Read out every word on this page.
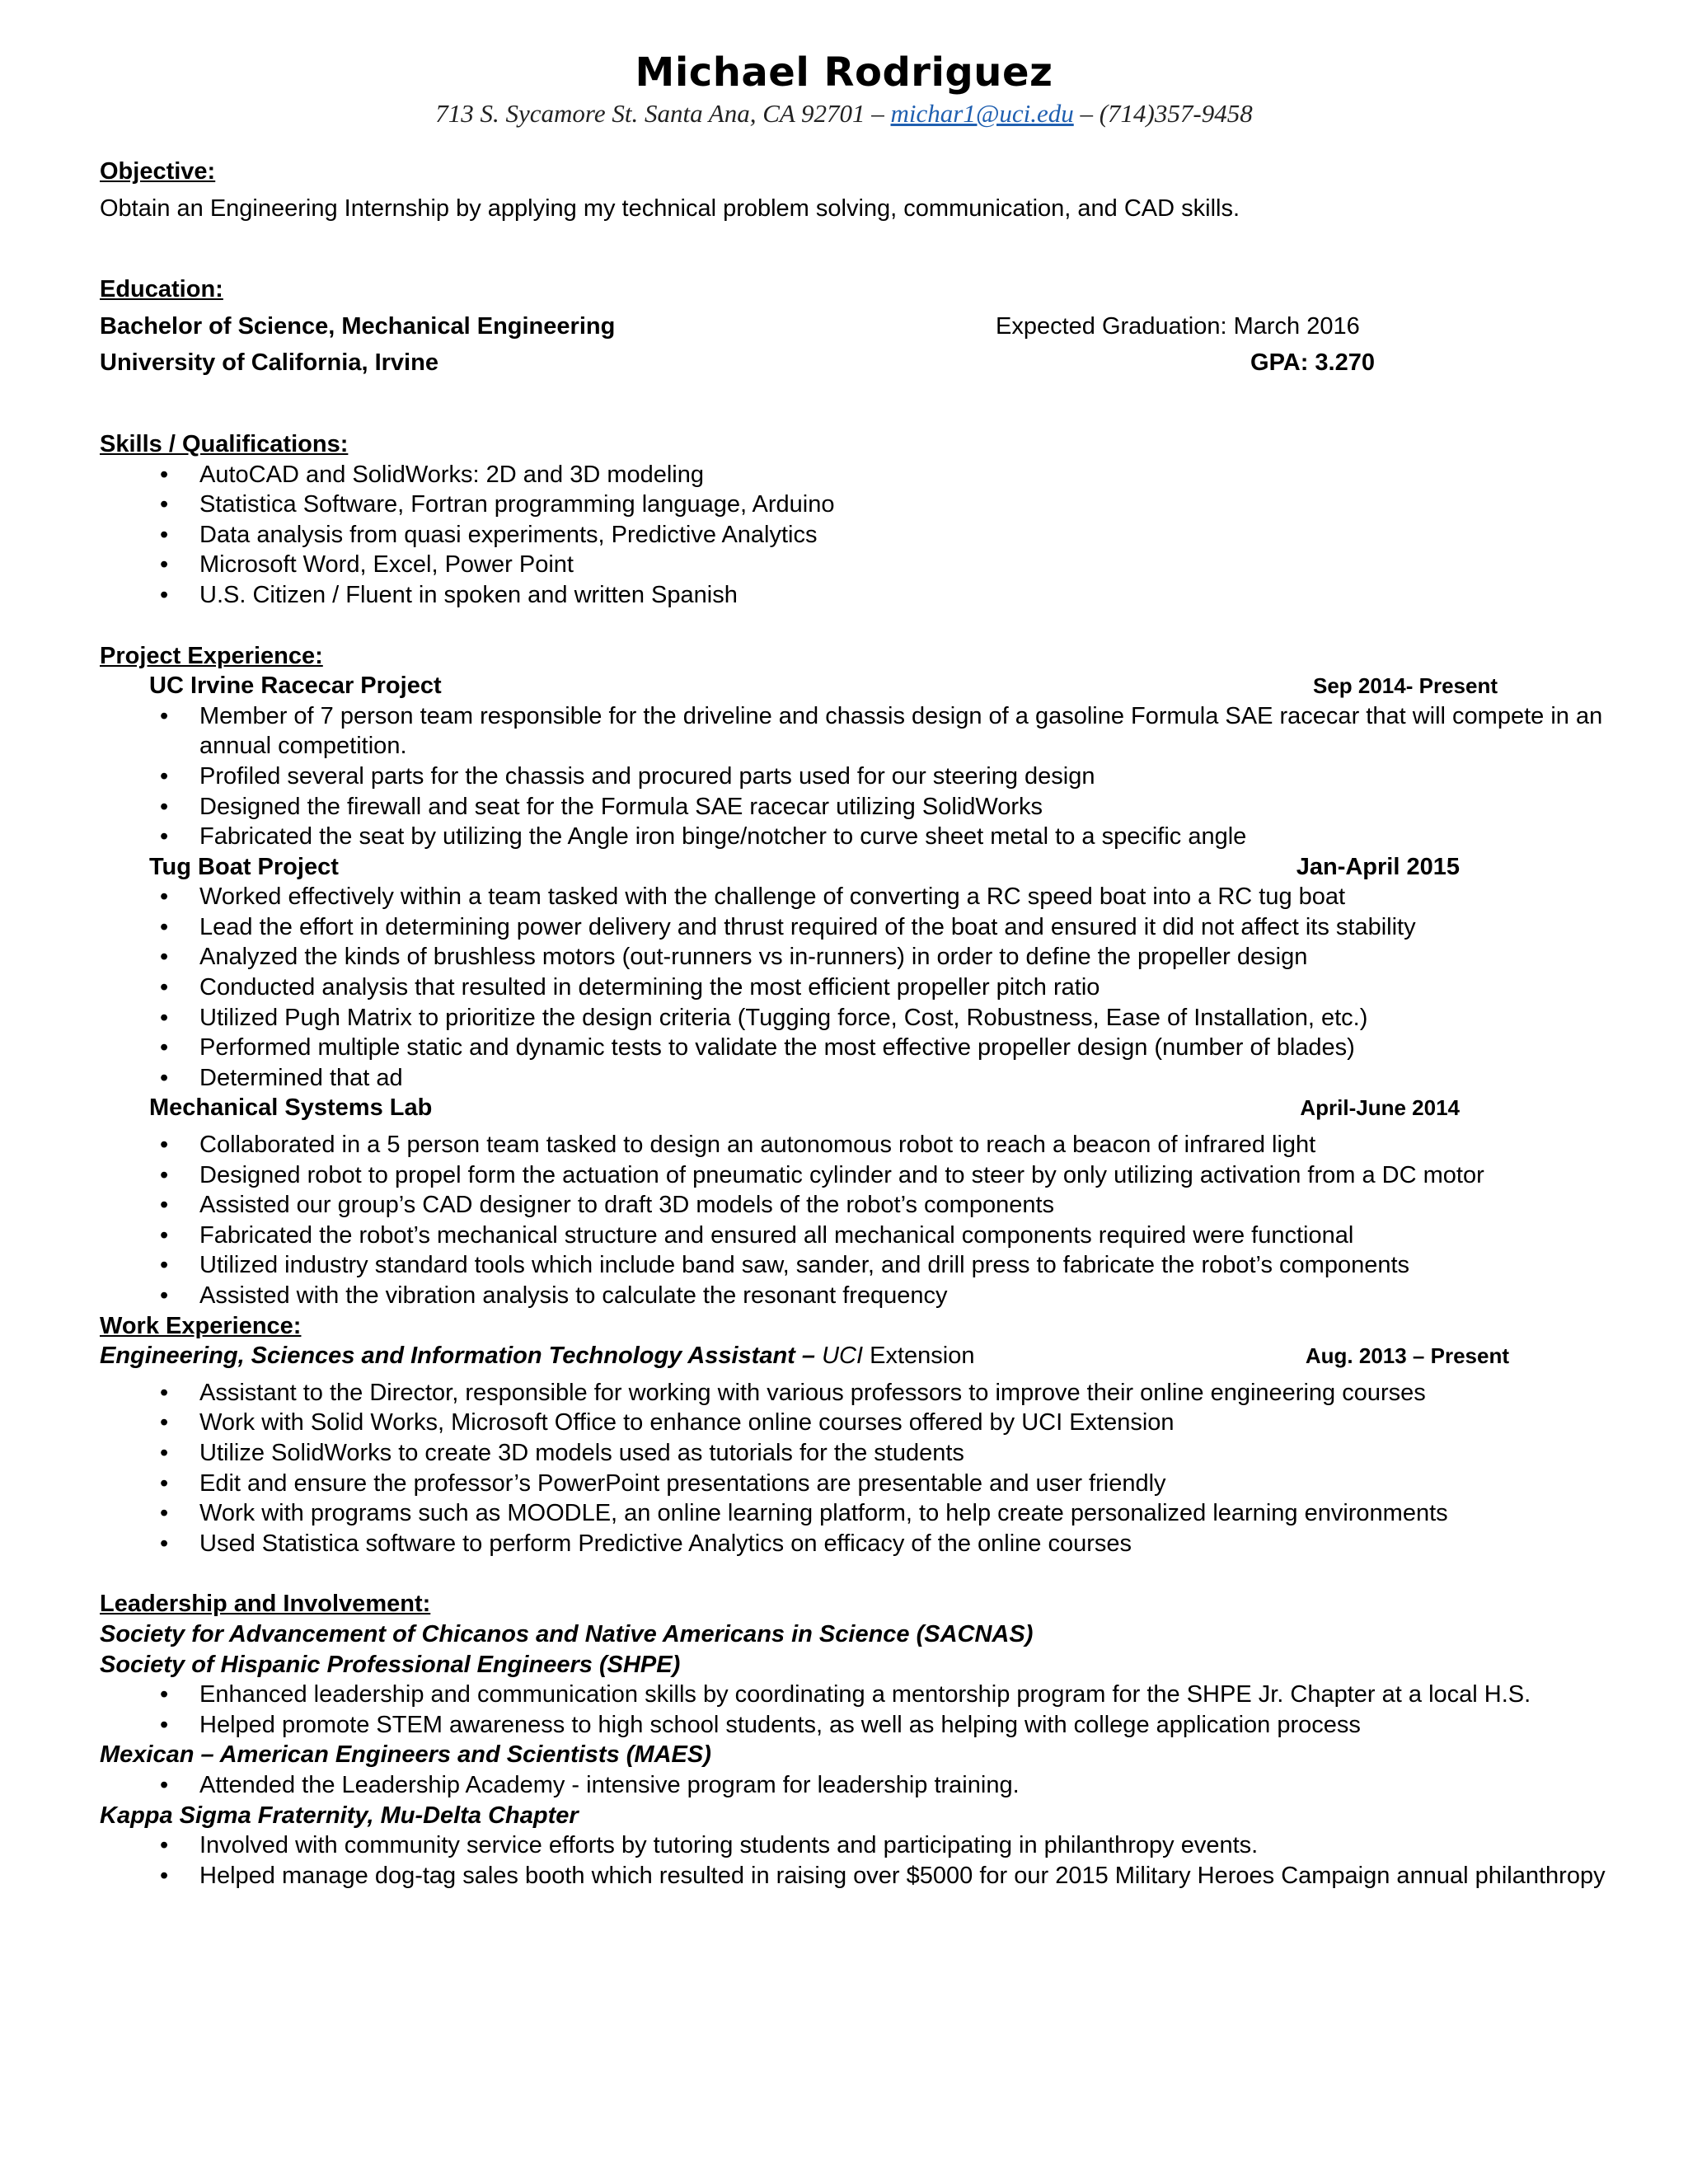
Michael Rodriguez
713 S. Sycamore St. Santa Ana, CA 92701 – michar1@uci.edu – (714)357-9458

Objective:

Obtain an Engineering Internship by applying my technical problem solving, communication, and CAD skills.

Education:

Bachelor of Science, Mechanical Engineering	Expected Graduation: March 2016
University of California, Irvine	GPA: 3.270

Skills / Qualifications:

• AutoCAD and SolidWorks: 2D and 3D modeling
• Statistica Software, Fortran programming language, Arduino
• Data analysis from quasi experiments, Predictive Analytics
• Microsoft Word, Excel, Power Point
• U.S. Citizen / Fluent in spoken and written Spanish

Project Experience:

UC Irvine Racecar Project	Sep 2014- Present
• Member of 7 person team responsible for the driveline and chassis design of a gasoline Formula SAE racecar that will compete in an annual competition.
• Profiled several parts for the chassis and procured parts used for our steering design
• Designed the firewall and seat for the Formula SAE racecar utilizing SolidWorks
• Fabricated the seat by utilizing the Angle iron binge/notcher to curve sheet metal to a specific angle
Tug Boat Project	Jan-April 2015
• Worked effectively within a team tasked with the challenge of converting a RC speed boat into a RC tug boat
• Lead the effort in determining power delivery and thrust required of the boat and ensured it did not affect its stability
• Analyzed the kinds of brushless motors (out-runners vs in-runners) in order to define the propeller design
• Conducted analysis that resulted in determining the most efficient propeller pitch ratio
• Utilized Pugh Matrix to prioritize the design criteria (Tugging force, Cost, Robustness, Ease of Installation, etc.)
• Performed multiple static and dynamic tests to validate the most effective propeller design (number of blades)
• Determined that ad
Mechanical Systems Lab	April-June 2014
• Collaborated in a 5 person team tasked to design an autonomous robot to reach a beacon of infrared light
• Designed robot to propel form the actuation of pneumatic cylinder and to steer by only utilizing activation from a DC motor
• Assisted our group’s CAD designer to draft 3D models of the robot’s components
• Fabricated the robot’s mechanical structure and ensured all mechanical components required were functional
• Utilized industry standard tools which include band saw, sander, and drill press to fabricate the robot’s components
• Assisted with the vibration analysis to calculate the resonant frequency

Work Experience:

Engineering, Sciences and Information Technology Assistant – UCI Extension	Aug. 2013 – Present
• Assistant to the Director, responsible for working with various professors to improve their online engineering courses
• Work with Solid Works, Microsoft Office to enhance online courses offered by UCI Extension
• Utilize SolidWorks to create 3D models used as tutorials for the students
• Edit and ensure the professor’s PowerPoint presentations are presentable and user friendly
• Work with programs such as MOODLE, an online learning platform, to help create personalized learning environments
• Used Statistica software to perform Predictive Analytics on efficacy of the online courses

Leadership and Involvement:

Society for Advancement of Chicanos and Native Americans in Science (SACNAS)

Society of Hispanic Professional Engineers (SHPE)

• Enhanced leadership and communication skills by coordinating a mentorship program for the SHPE Jr. Chapter at a local H.S.
• Helped promote STEM awareness to high school students, as well as helping with college application process

Mexican – American Engineers and Scientists (MAES)

• Attended the Leadership Academy - intensive program for leadership training.

Kappa Sigma Fraternity, Mu-Delta Chapter

• Involved with community service efforts by tutoring students and participating in philanthropy events.
• Helped manage dog-tag sales booth which resulted in raising over $5000 for our 2015 Military Heroes Campaign annual philanthropy
